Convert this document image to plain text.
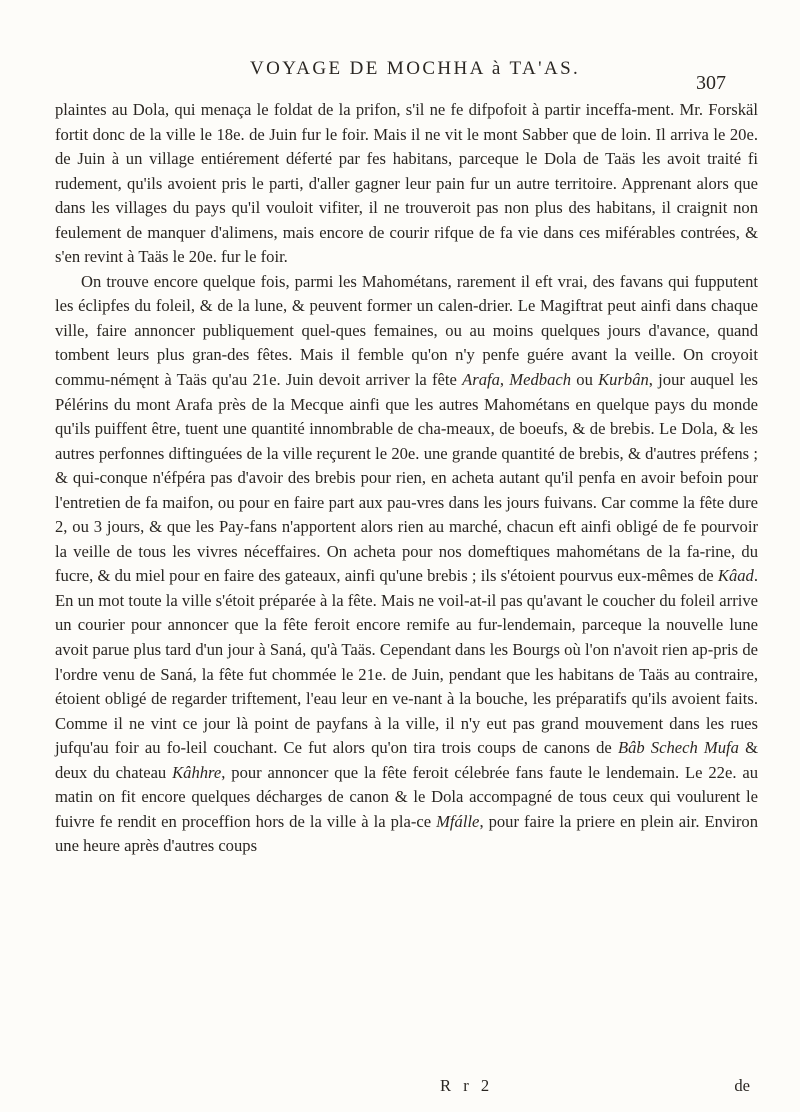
VOYAGE DE MOCHHA à TA'AS.
307

plaintes au Dola, qui menaça le foldat de la prifon, s'il ne fe difpofoit à partir inceffa-ment. Mr. Forskäl fortit donc de la ville le 18e. de Juin fur le foir. Mais il ne vit le mont Sabber que de loin. Il arriva le 20e. de Juin à un village entiérement déferté par fes habitans, parceque le Dola de Taäs les avoit traité fi rudement, qu'ils avoient pris le parti, d'aller gagner leur pain fur un autre territoire. Apprenant alors que dans les villages du pays qu'il vouloit vifiter, il ne trouveroit pas non plus des habitans, il craignit non feulement de manquer d'alimens, mais encore de courir rifque de fa vie dans ces miférables contrées, & s'en revint à Taäs le 20e. fur le foir.

On trouve encore quelque fois, parmi les Mahométans, rarement il eft vrai, des favans qui fupputent les éclipfes du foleil, & de la lune, & peuvent former un calen-drier. Le Magiftrat peut ainfi dans chaque ville, faire annoncer publiquement quel-ques femaines, ou au moins quelques jours d'avance, quand tombent leurs plus gran-des fêtes. Mais il femble qu'on n'y penfe guére avant la veille. On croyoit commu-némęnt à Taäs qu'au 21e. Juin devoit arriver la fête Arafa, Medbach ou Kurbân, jour auquel les Pélérins du mont Arafa près de la Mecque ainfi que les autres Mahométans en quelque pays du monde qu'ils puiffent être, tuent une quantité innombrable de cha-meaux, de boeufs, & de brebis. Le Dola, & les autres perfonnes diftinguées de la ville reçurent le 20e. une grande quantité de brebis, & d'autres préfens ; & qui-conque n'éfpéra pas d'avoir des brebis pour rien, en acheta autant qu'il penfa en avoir befoin pour l'entretien de fa maifon, ou pour en faire part aux pau-vres dans les jours fuivans. Car comme la fête dure 2, ou 3 jours, & que les Pay-fans n'apportent alors rien au marché, chacun eft ainfi obligé de fe pourvoir la veille de tous les vivres néceffaires. On acheta pour nos domeftiques mahométans de la fa-rine, du fucre, & du miel pour en faire des gateaux, ainfi qu'une brebis ; ils s'étoient pourvus eux-mêmes de Kâad. En un mot toute la ville s'étoit préparée à la fête. Mais ne voil-at-il pas qu'avant le coucher du foleil arrive un courier pour annoncer que la fête feroit encore remife au fur-lendemain, parceque la nouvelle lune avoit parue plus tard d'un jour à Saná, qu'à Taäs. Cependant dans les Bourgs où l'on n'avoit rien ap-pris de l'ordre venu de Saná, la fête fut chommée le 21e. de Juin, pendant que les habitans de Taäs au contraire, étoient obligé de regarder triftement, l'eau leur en ve-nant à la bouche, les préparatifs qu'ils avoient faits. Comme il ne vint ce jour là point de payfans à la ville, il n'y eut pas grand mouvement dans les rues jufqu'au foir au fo-leil couchant. Ce fut alors qu'on tira trois coups de canons de Bâb Schech Mufa & deux du chateau Kâhhre, pour annoncer que la fête feroit célebrée fans faute le lendemain. Le 22e. au matin on fit encore quelques décharges de canon & le Dola accompagné de tous ceux qui voulurent le fuivre fe rendit en proceffion hors de la ville à la pla-ce Mfálle, pour faire la priere en plein air. Environ une heure après d'autres coups

R r 2	de
